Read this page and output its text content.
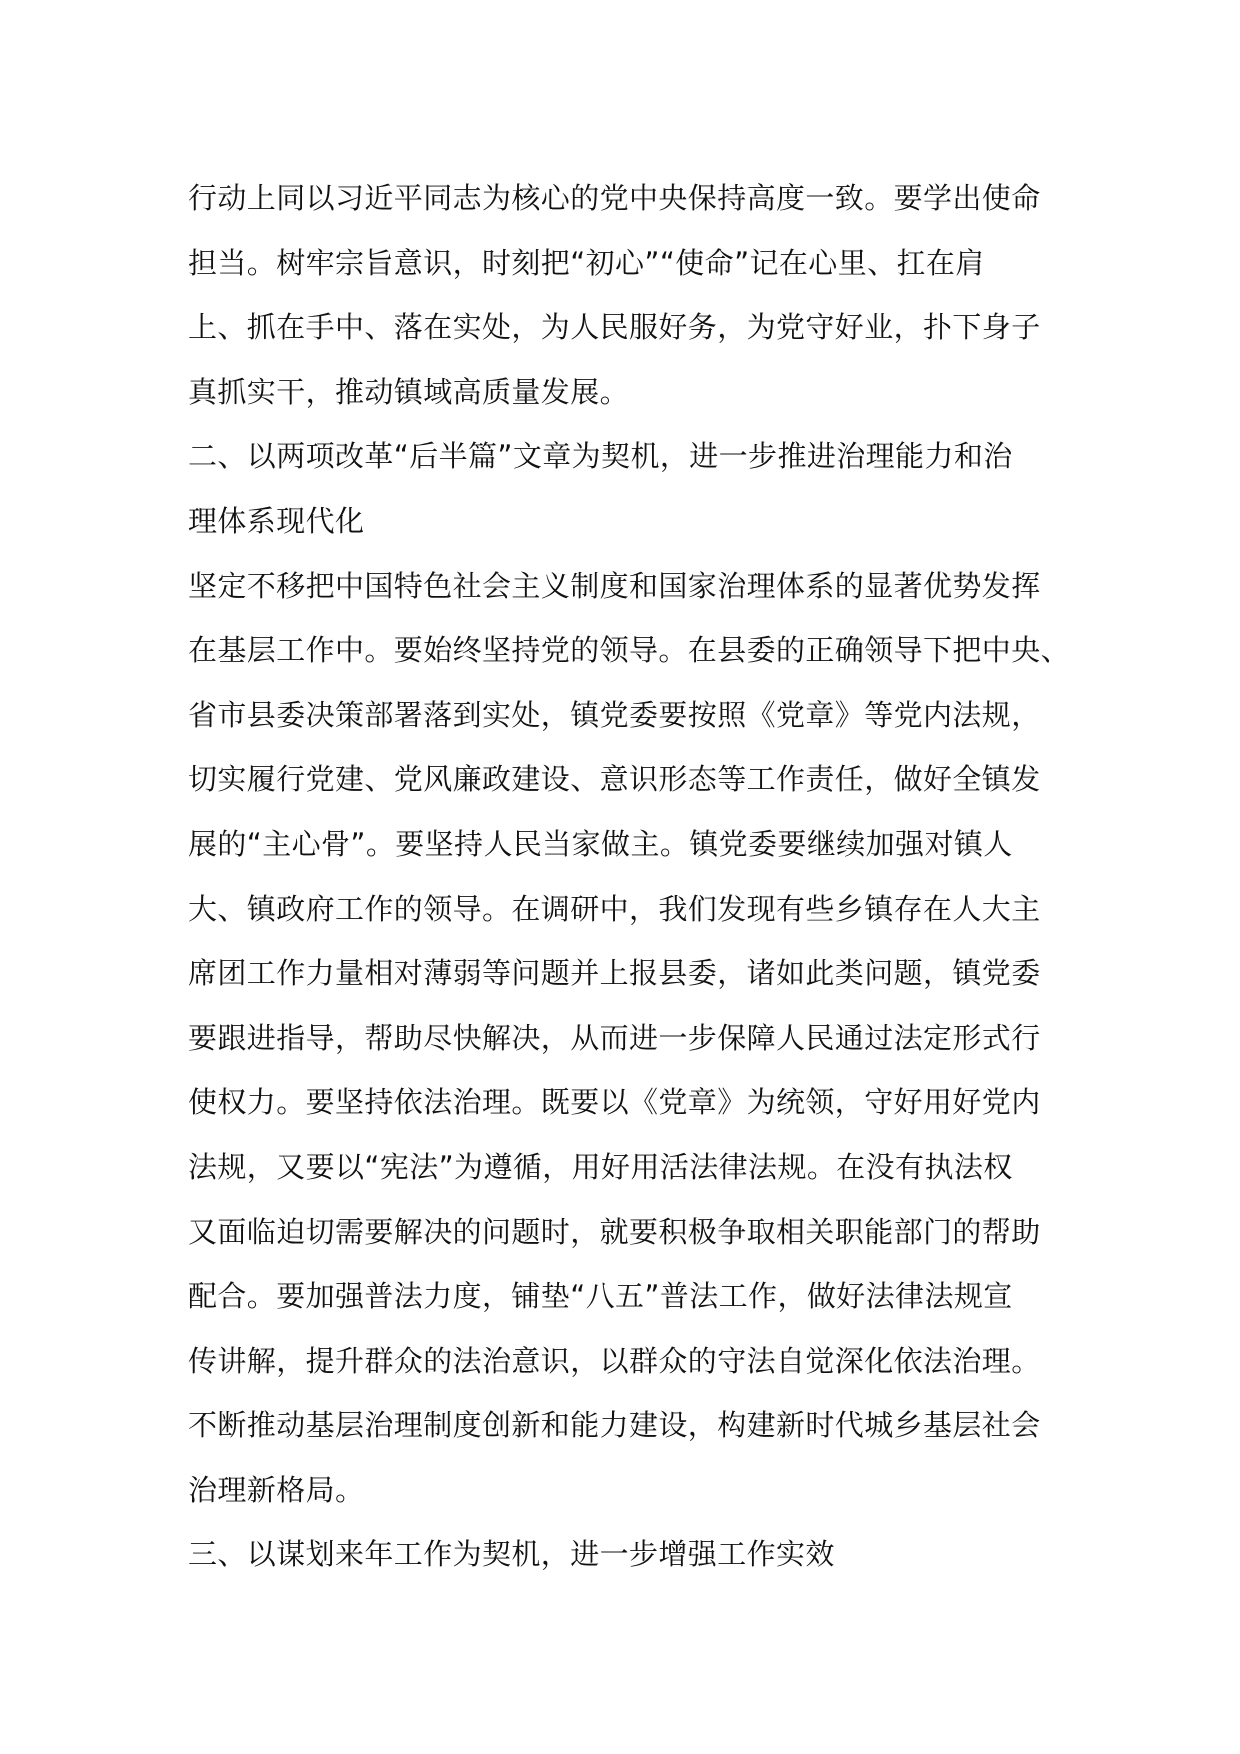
行动上同以习近平同志为核心的党中央保持高度一致。要学出使命
担当。树牢宗旨意识，时刻把“初心”“使命”记在心里、扛在肩
上、抓在手中、落在实处，为人民服好务，为党守好业，扑下身子
真抓实干，推动镇域高质量发展。
二、以两项改革“后半篇”文章为契机，进一步推进治理能力和治
理体系现代化
坚定不移把中国特色社会主义制度和国家治理体系的显著优势发挥
在基层工作中。要始终坚持党的领导。在县委的正确领导下把中央、
省市县委决策部署落到实处，镇党委要按照《党章》等党内法规，
切实履行党建、党风廉政建设、意识形态等工作责任，做好全镇发
展的“主心骨”。要坚持人民当家做主。镇党委要继续加强对镇人
大、镇政府工作的领导。在调研中，我们发现有些乡镇存在人大主
席团工作力量相对薄弱等问题并上报县委，诸如此类问题，镇党委
要跟进指导，帮助尽快解决，从而进一步保障人民通过法定形式行
使权力。要坚持依法治理。既要以《党章》为统领，守好用好党内
法规，又要以“宪法”为遵循，用好用活法律法规。在没有执法权
又面临迫切需要解决的问题时，就要积极争取相关职能部门的帮助
配合。要加强普法力度，铺垫“八五”普法工作，做好法律法规宣
传讲解，提升群众的法治意识，以群众的守法自觉深化依法治理。
不断推动基层治理制度创新和能力建设，构建新时代城乡基层社会
治理新格局。
三、以谋划来年工作为契机，进一步增强工作实效
